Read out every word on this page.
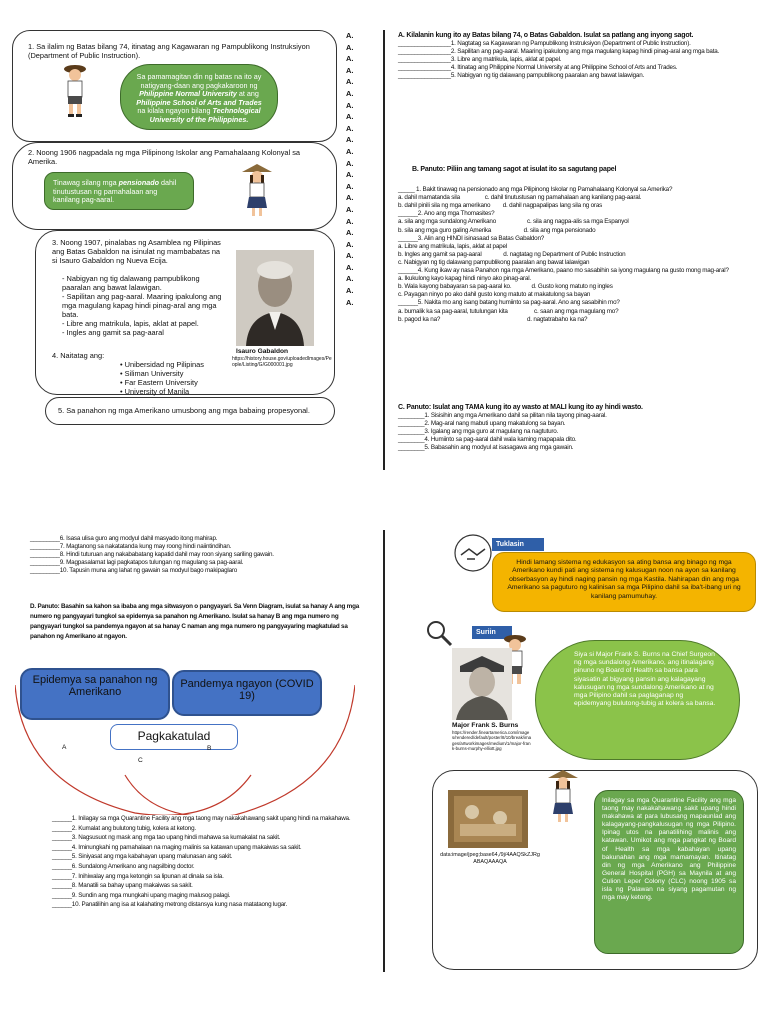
1. Sa ilalim ng Batas bilang 74, itinatag ang Kagawaran ng Pampublikong Instruksiyon (Department of Public Instruction).
Sa pamamagitan din ng batas na ito ay natigyang-daan ang pagkakaroon ng Philippine Normal University at ang Philippine School of Arts and Trades na kilala ngayon bilang Technological University of the Philippines.
2. Noong 1906 nagpadala ng mga Pilipinong Iskolar ang Pamahalaang Kolonyal sa Amerika.
Tinawag silang mga pensionado dahil tinutustusan ng pamahalaan ang kanilang pag-aaral.
3. Noong 1907, pinalabas ng Asamblea ng Pilipinas ang Batas Gabaldon na isinulat ng mambabatas na si Isauro Gabaldon ng Nueva Ecija.
- Nabigyan ng tig dalawang pampublikong paaralan ang bawat lalawigan.
- Sapilitan ang pag-aaral. Maaring ipakulong ang mga magulang kapag hindi pinag-aral ang mga bata.
- Libre ang matrikula, lapis, aklat at papel.
- Ingles ang gamit sa pag-aaral
Isauro Gabaldon
https://history.house.gov/uploadedImages/People/Listing/G/G000001.jpg
4. Naitatag ang:
• Unibersidad ng Pilipinas
• Siliman University
• Far Eastern University
• University of Manila
5. Sa panahon ng mga Amerikano umusbong ang mga babaing propesyonal.
A.
A.
A.
A.
A.
A.
A.
A.
A.
A.
A.
A.
A.
A.
A.
A.
A.
A.
A.
A.
A.
A.
A.
A.
A. Kilalanin kung ito ay Batas bilang 74, o Batas Gabaldon. Isulat sa patlang ang inyong sagot.
________________1. Nagtatag sa Kagawaran ng Pampublikong Instruksiyon (Department of Public Instruction).
________________2. Sapilitan ang pag-aaral. Maaring ipakulong ang mga magulang kapag hindi pinag-aral ang mga bata.
________________3. Libre ang matrikula, lapis, aklat at papel.
________________4. Itinatag ang Philippine Normal University at ang Philippine School of Arts and Trades.
________________5. Nabigyan ng tig dalawang pampublikong paaralan ang bawat lalawigan.
B. Panuto: Piliin ang tamang sagot at isulat ito sa sagutang papel
_____ 1. Bakit tinawag na pensionado ang mga Pilipinong Iskolar ng Pamahalaang Kolonyal sa Amerika?
a. dahil mamatanda sila                c. dahil tinutustusan ng pamahalaan ang kanilang pag-aaral.
b. dahil pinili sila ng mga amerikano        d. dahil nagpapalipas lang sila ng oras
______2. Ano ang mga Thomasites?
a. sila ang mga sundalong Amerikano                    c. sila ang nagpa-alis sa mga Espanyol
b. sila ang mga guro galing Amerika                     d. sila ang mga pensionado
______3. Alin ang HINDI isinasaad sa Batas Gabaldon?
a. Libre ang matrikula, lapis, aklat at papel
b. Ingles ang gamit sa pag-aaral              d. nagtatag ng Department of Public Instruction
c. Nabigyan ng tig dalawang pampublikong paaralan ang bawat lalawigan
______4. Kung ikaw ay nasa Panahon nga mga Amerikano, paano mo sasabihin sa iyong magulang na gusto mong mag-aral?
a. Ikukulong kayo kapag hindi ninyo ako pinag-aral.
b. Wala kayong babayaran sa pag-aaral ko.             d. Gusto kong matuto ng ingles
c. Payagan ninyo po ako dahil gusto kong matuto at makatulong sa bayan
______5. Nakita mo ang isang batang humiinto sa pag-aaral. Ano ang sasabihin mo?
a. bumalik ka sa pag-aaral, tutulungan kita                 c. saan ang mga magulang mo?
b. pagod ka na?                                                        d. nagtatrabaho ka na?
C. Panuto: Isulat ang TAMA kung ito ay wasto at MALI kung ito ay hindi wasto.
________1. Sisisihin ang mga Amerikano dahil sa pilitan nila tayong pinag-aaral.
________2. Mag-aral nang mabuti upang makatulong sa bayan.
________3. Igalang ang mga guro at magulang na nagtuturo.
________4. Humiinto sa pag-aaral dahil wala kaming mapapala dito.
________5. Babasahin ang modyul at isasagawa ang mga gawain.
_________6. Isasa ulisa guro ang modyul dahil masyado itong mahirap.
_________7. Magtanong sa nakatatanda kung may roong hindi naiintindihan.
_________8. Hindi tuturuan ang nakababatang kapatid dahil may roon siyang sariling gawain.
_________9. Magpasalamat lagi pagkatapos tulungan ng magulang sa pag-aaral.
_________10. Tapusin muna ang lahat ng gawain sa modyul bago makipaglaro
D. Panuto: Basahin sa kahon sa ibaba ang mga sitwasyon o pangyayari. Sa Venn Diagram, isulat sa hanay A ang mga numero ng pangyayari tungkol sa epidemya sa panahon ng Amerikano. Isulat sa hanay B ang mga numero ng pangyayari tungkol sa pandemya ngayon at sa hanay C naman ang mga numero ng pangyayaring magkatulad sa panahon ng Amerikano at ngayon.
Epidemya sa panahon ng Amerikano
Pandemya ngayon (COVID 19)
Pagkakatulad
A	B
C
______1. Inilagay sa mga Quarantine Facility ang mga taong may nakakahawang sakit upang hindi na makahawa.
______2. Kumalat ang bulutong tubig, kolera at ketong.
______3. Nagsusuot ng mask ang mga tao upang hindi mahawa sa kumakalat na sakit.
______4. Iminungkahi ng pamahalaan na maging malinis sa katawan upang makaiwas sa sakit.
______5. Siniyasat ang mga kabahayan upang malunasan ang sakit.
______6. Sundalong Amerikano ang nagsilbing doctor.
______7. Inihiwalay ang mga ketongin sa lipunan at dinala sa isla.
______8. Manatili sa bahay upang makaiwas sa sakit.
______9. Sundin ang mga mungkahi upang maging malusog palagi.
______10. Panatilihin ang isa at kalahating metrong distansya kung nasa matataong lugar.
Tuklasin
Hindi lamang sistema ng edukasyon sa ating bansa ang binago ng mga Amerikano kundi pati ang sistema ng kalusugan noon na ayon sa kanilang obserbasyon ay hindi naging pansin ng mga Kastila. Nahirapan din ang mga Amerikano sa paguturo ng kalinisan sa mga Pilipino dahil sa iba't-ibang uri ng kanilang pamumuhay.
Suriin
Major Frank S. Burns
https://render.fineartamerica.com/images/rendered/default/poster/8/10/break/images/artworkimages/medium/1/major-frank-burns-murphy-elliott.jpg
Siya si Major Frank S. Burns na Chief Surgeon ng mga sundalong Amerikano, ang itinalagang pinuno ng Board of Health sa bansa para siyasatin at bigyang pansin ang kalagayang kalusugan ng mga sundalong Amerikano at ng mga Pilipino dahil sa paglaganap ng epidemyang bulutong-tubig at kolera sa bansa.
data:image/jpeg;base64,/9j/4AAQSkZJRgABAQAAAQA
Inilagay sa mga Quarantine Facility ang mga taong may nakakahawang sakit upang hindi makahawa at para lubusang mapaunlad ang kalagayang-pangkalusugan ng mga Pilipino. Ipinag utos na panatilihing malinis ang katawan. Umikot ang mga pangkat ng Board of Health sa mga kabahayan upang bakunahan ang mga mamamayan. Itinatag din ng mga Amerikano ang Philippine General Hospital (PGH) sa Maynila at ang Culion Leper Colony (CLC) noong 1905 sa isla ng Palawan na siyang pagamutan ng mga may ketong.
